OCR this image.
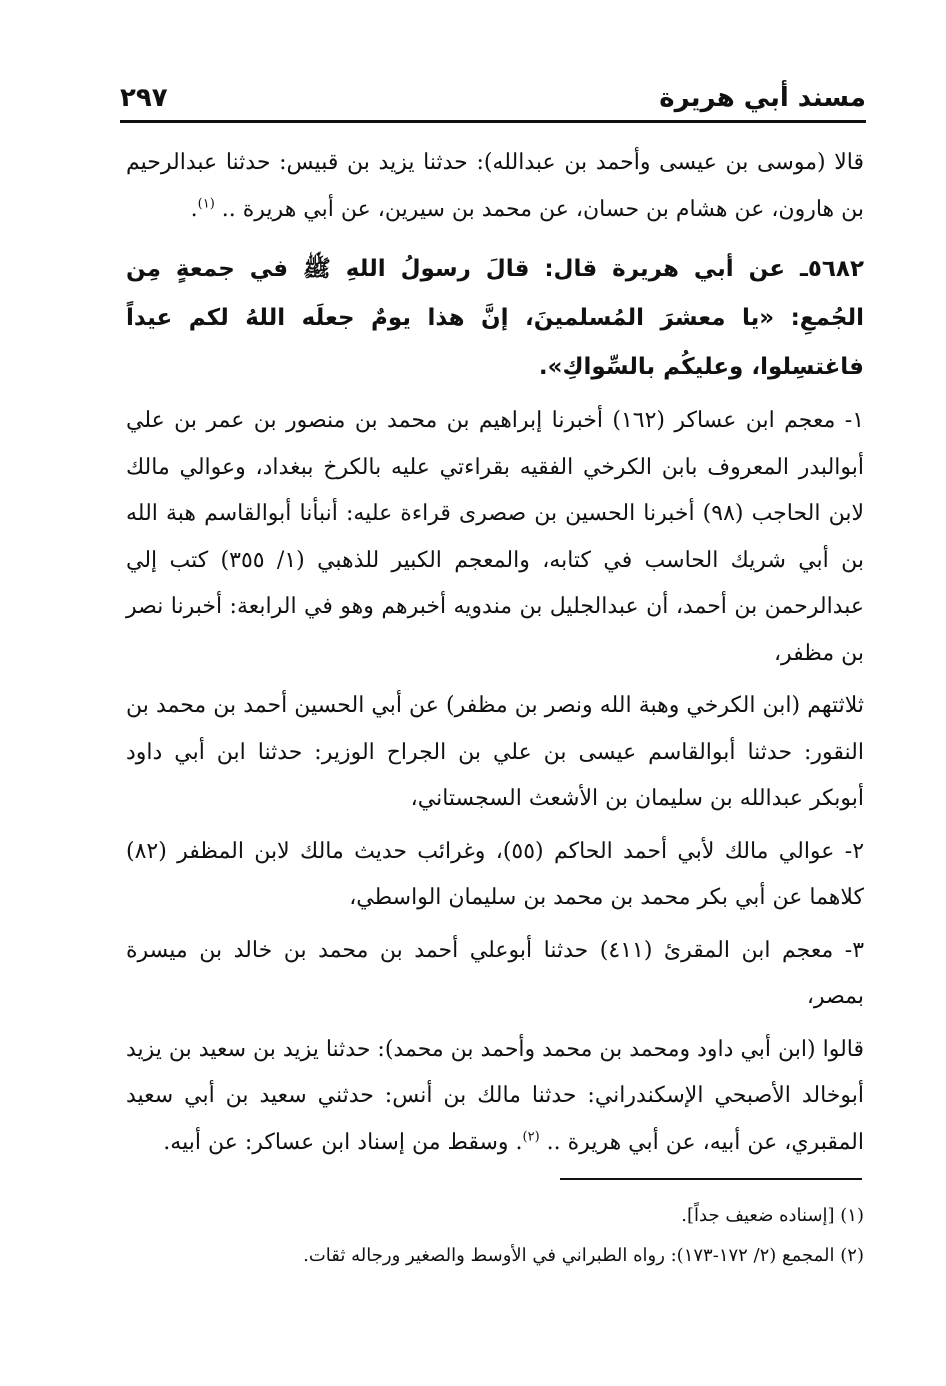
مسند أبي هريرة
٢٩٧

قالا (موسى بن عيسى وأحمد بن عبدالله): حدثنا يزيد بن قبيس: حدثنا عبدالرحيم بن هارون، عن هشام بن حسان، عن محمد بن سيرين، عن أبي هريرة .. $^{(١)}$.

٥٦٨٢ـ عن أبي هريرة قال: قالَ رسولُ اللهِ ﷺ في جمعةٍ مِن الجُمعِ: «يا معشرَ المُسلمينَ، إنَّ هذا يومٌ جعلَه اللهُ لكم عيداً فاغتسِلوا، وعليكُم بالسِّواكِ».

١- معجم ابن عساكر (١٦٢) أخبرنا إبراهيم بن محمد بن منصور بن عمر بن علي أبوالبدر المعروف بابن الكرخي الفقيه بقراءتي عليه بالكرخ ببغداد، وعوالي مالك لابن الحاجب (٩٨) أخبرنا الحسين بن صصرى قراءة عليه: أنبأنا أبوالقاسم هبة الله بن أبي شريك الحاسب في كتابه، والمعجم الكبير للذهبي (١/ ٣٥٥) كتب إلي عبدالرحمن بن أحمد، أن عبدالجليل بن مندويه أخبرهم وهو في الرابعة: أخبرنا نصر بن مظفر،

ثلاثتهم (ابن الكرخي وهبة الله ونصر بن مظفر) عن أبي الحسين أحمد بن محمد بن النقور: حدثنا أبوالقاسم عيسى بن علي بن الجراح الوزير: حدثنا ابن أبي داود أبوبكر عبدالله بن سليمان بن الأشعث السجستاني،

٢- عوالي مالك لأبي أحمد الحاكم (٥٥)، وغرائب حديث مالك لابن المظفر (٨٢) كلاهما عن أبي بكر محمد بن محمد بن سليمان الواسطي،

٣- معجم ابن المقرئ (٤١١) حدثنا أبوعلي أحمد بن محمد بن خالد بن ميسرة بمصر،

قالوا (ابن أبي داود ومحمد بن محمد وأحمد بن محمد): حدثنا يزيد بن سعيد بن يزيد أبوخالد الأصبحي الإسكندراني: حدثنا مالك بن أنس: حدثني سعيد بن أبي سعيد المقبري، عن أبيه، عن أبي هريرة .. $^{(٢)}$. وسقط من إسناد ابن عساكر: عن أبيه.

(١) [إسناده ضعيف جداً].

(٢) المجمع (٢/ ١٧٢-١٧٣): رواه الطبراني في الأوسط والصغير ورجاله ثقات.
